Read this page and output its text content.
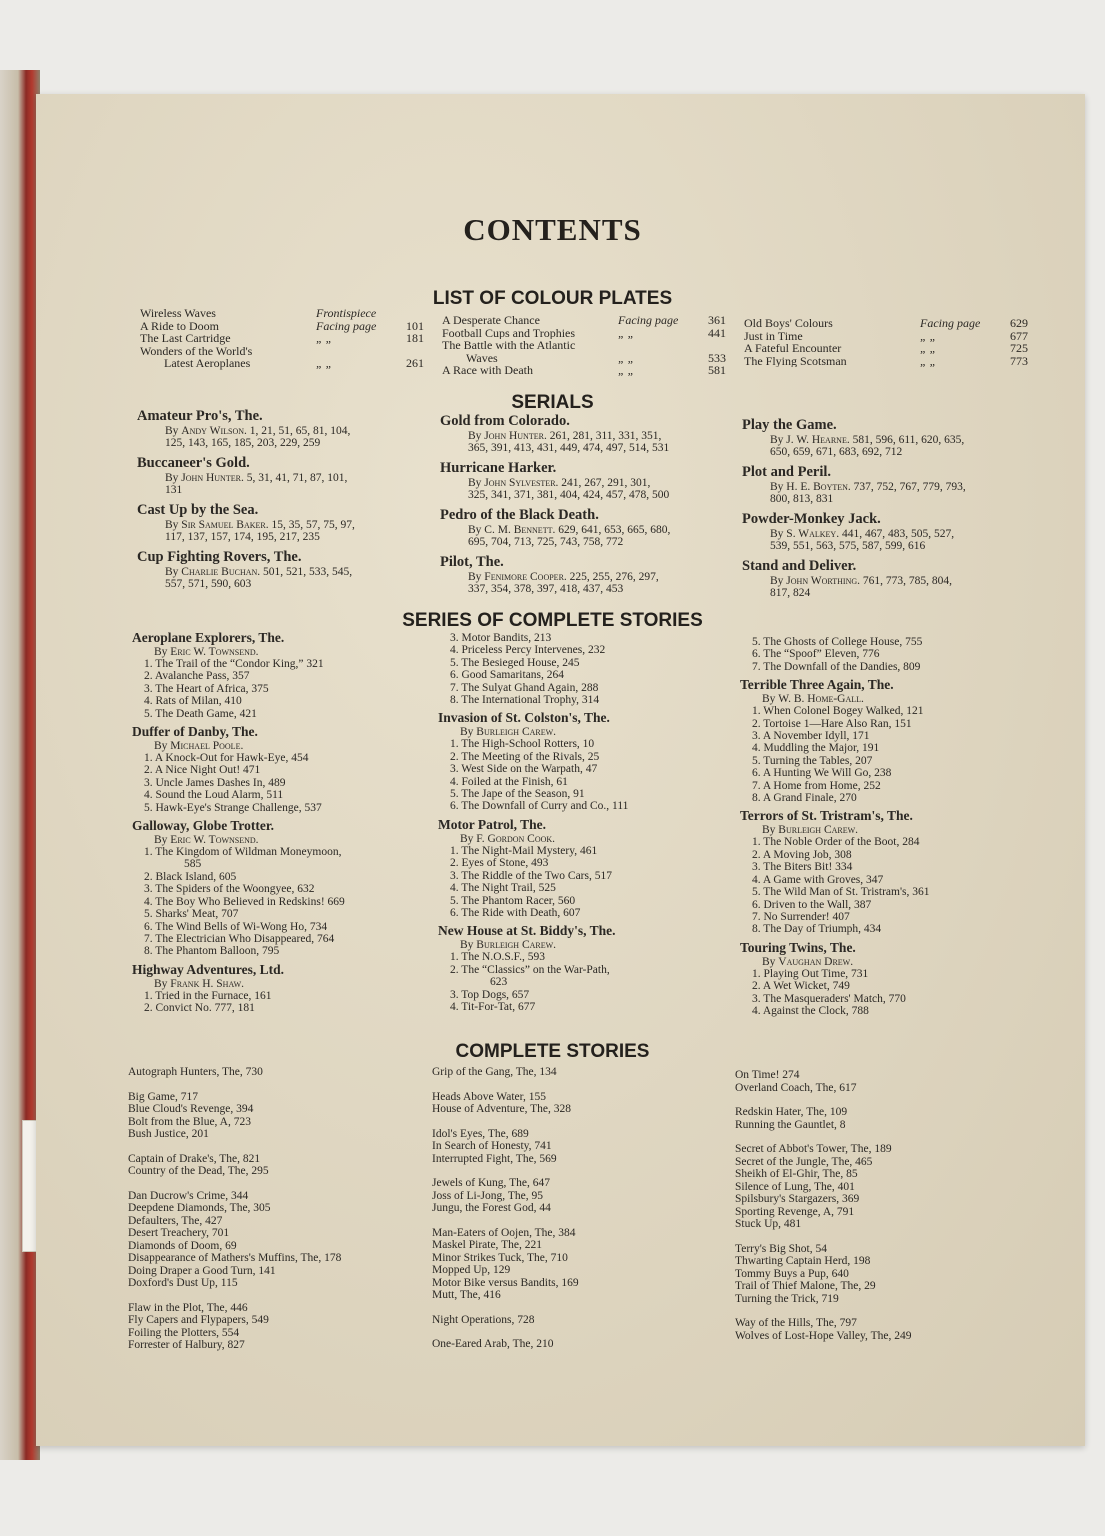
CONTENTS
LIST OF COLOUR PLATES
SERIALS
SERIES OF COMPLETE STORIES
COMPLETE STORIES
Wireless Waves	Frontispiece
A Ride to Doom	Facing page	101
The Last Cartridge	„ „	181
Wonders of the World's
Latest Aeroplanes	„ „	261
A Desperate Chance	Facing page	361
Football Cups and Trophies	„ „	441
The Battle with the Atlantic
Waves	„ „	533
A Race with Death	„ „	581
Old Boys' Colours	Facing page	629
Just in Time	„ „	677
A Fateful Encounter	„ „	725
The Flying Scotsman	„ „	773
Amateur Pro's, The.
By Andy Wilson. 1, 21, 51, 65, 81, 104,
125, 143, 165, 185, 203, 229, 259
Buccaneer's Gold.
By John Hunter. 5, 31, 41, 71, 87, 101,
131
Cast Up by the Sea.
By Sir Samuel Baker. 15, 35, 57, 75, 97,
117, 137, 157, 174, 195, 217, 235
Cup Fighting Rovers, The.
By Charlie Buchan. 501, 521, 533, 545,
557, 571, 590, 603
Gold from Colorado.
By John Hunter. 261, 281, 311, 331, 351,
365, 391, 413, 431, 449, 474, 497, 514, 531
Hurricane Harker.
By John Sylvester. 241, 267, 291, 301,
325, 341, 371, 381, 404, 424, 457, 478, 500
Pedro of the Black Death.
By C. M. Bennett. 629, 641, 653, 665, 680,
695, 704, 713, 725, 743, 758, 772
Pilot, The.
By Fenimore Cooper. 225, 255, 276, 297,
337, 354, 378, 397, 418, 437, 453
Play the Game.
By J. W. Hearne. 581, 596, 611, 620, 635,
650, 659, 671, 683, 692, 712
Plot and Peril.
By H. E. Boyten. 737, 752, 767, 779, 793,
800, 813, 831
Powder-Monkey Jack.
By S. Walkey. 441, 467, 483, 505, 527,
539, 551, 563, 575, 587, 599, 616
Stand and Deliver.
By John Worthing. 761, 773, 785, 804,
817, 824
Aeroplane Explorers, The.
By Eric W. Townsend.
1. The Trail of the “Condor King,” 321
2. Avalanche Pass, 357
3. The Heart of Africa, 375
4. Rats of Milan, 410
5. The Death Game, 421
Duffer of Danby, The.
By Michael Poole.
1. A Knock-Out for Hawk-Eye, 454
2. A Nice Night Out! 471
3. Uncle James Dashes In, 489
4. Sound the Loud Alarm, 511
5. Hawk-Eye's Strange Challenge, 537
Galloway, Globe Trotter.
By Eric W. Townsend.
1. The Kingdom of Wildman Moneymoon,
585
2. Black Island, 605
3. The Spiders of the Woongyee, 632
4. The Boy Who Believed in Redskins! 669
5. Sharks' Meat, 707
6. The Wind Bells of Wi-Wong Ho, 734
7. The Electrician Who Disappeared, 764
8. The Phantom Balloon, 795
Highway Adventures, Ltd.
By Frank H. Shaw.
1. Tried in the Furnace, 161
2. Convict No. 777, 181
3. Motor Bandits, 213
4. Priceless Percy Intervenes, 232
5. The Besieged House, 245
6. Good Samaritans, 264
7. The Sulyat Ghand Again, 288
8. The International Trophy, 314
Invasion of St. Colston's, The.
By Burleigh Carew.
1. The High-School Rotters, 10
2. The Meeting of the Rivals, 25
3. West Side on the Warpath, 47
4. Foiled at the Finish, 61
5. The Jape of the Season, 91
6. The Downfall of Curry and Co., 111
Motor Patrol, The.
By F. Gordon Cook.
1. The Night-Mail Mystery, 461
2. Eyes of Stone, 493
3. The Riddle of the Two Cars, 517
4. The Night Trail, 525
5. The Phantom Racer, 560
6. The Ride with Death, 607
New House at St. Biddy's, The.
By Burleigh Carew.
1. The N.O.S.F., 593
2. The “Classics” on the War-Path,
623
3. Top Dogs, 657
4. Tit-For-Tat, 677
5. The Ghosts of College House, 755
6. The “Spoof” Eleven, 776
7. The Downfall of the Dandies, 809
Terrible Three Again, The.
By W. B. Home-Gall.
1. When Colonel Bogey Walked, 121
2. Tortoise 1—Hare Also Ran, 151
3. A November Idyll, 171
4. Muddling the Major, 191
5. Turning the Tables, 207
6. A Hunting We Will Go, 238
7. A Home from Home, 252
8. A Grand Finale, 270
Terrors of St. Tristram's, The.
By Burleigh Carew.
1. The Noble Order of the Boot, 284
2. A Moving Job, 308
3. The Biters Bit! 334
4. A Game with Groves, 347
5. The Wild Man of St. Tristram's, 361
6. Driven to the Wall, 387
7. No Surrender! 407
8. The Day of Triumph, 434
Touring Twins, The.
By Vaughan Drew.
1. Playing Out Time, 731
2. A Wet Wicket, 749
3. The Masqueraders' Match, 770
4. Against the Clock, 788
Autograph Hunters, The, 730
Big Game, 717
Blue Cloud's Revenge, 394
Bolt from the Blue, A, 723
Bush Justice, 201
Captain of Drake's, The, 821
Country of the Dead, The, 295
Dan Ducrow's Crime, 344
Deepdene Diamonds, The, 305
Defaulters, The, 427
Desert Treachery, 701
Diamonds of Doom, 69
Disappearance of Mathers's Muffins, The, 178
Doing Draper a Good Turn, 141
Doxford's Dust Up, 115
Flaw in the Plot, The, 446
Fly Capers and Flypapers, 549
Foiling the Plotters, 554
Forrester of Halbury, 827
Grip of the Gang, The, 134
Heads Above Water, 155
House of Adventure, The, 328
Idol's Eyes, The, 689
In Search of Honesty, 741
Interrupted Fight, The, 569
Jewels of Kung, The, 647
Joss of Li-Jong, The, 95
Jungu, the Forest God, 44
Man-Eaters of Oojen, The, 384
Maskel Pirate, The, 221
Minor Strikes Tuck, The, 710
Mopped Up, 129
Motor Bike versus Bandits, 169
Mutt, The, 416
Night Operations, 728
One-Eared Arab, The, 210
On Time! 274
Overland Coach, The, 617
Redskin Hater, The, 109
Running the Gauntlet, 8
Secret of Abbot's Tower, The, 189
Secret of the Jungle, The, 465
Sheikh of El-Ghir, The, 85
Silence of Lung, The, 401
Spilsbury's Stargazers, 369
Sporting Revenge, A, 791
Stuck Up, 481
Terry's Big Shot, 54
Thwarting Captain Herd, 198
Tommy Buys a Pup, 640
Trail of Thief Malone, The, 29
Turning the Trick, 719
Way of the Hills, The, 797
Wolves of Lost-Hope Valley, The, 249
